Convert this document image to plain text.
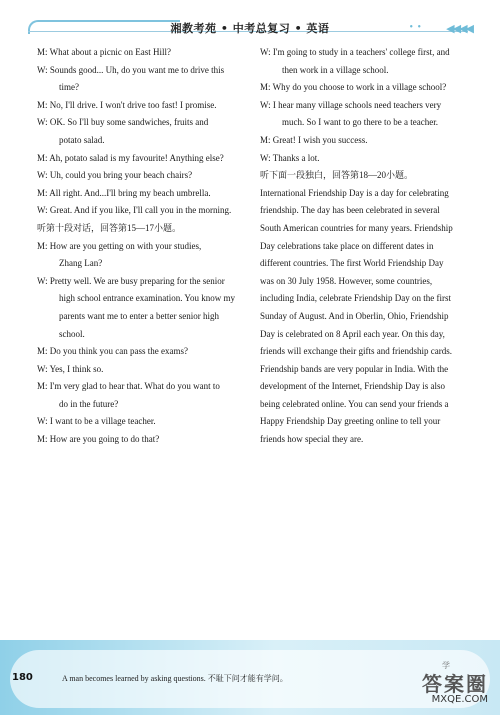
湘教考苑 • 中考总复习 • 英语	• • ◀◀◀◀
M: What about a picnic on East Hill?
W: Sounds good... Uh, do you want me to drive this
time?
M: No, I'll drive. I won't drive too fast! I promise.
W: OK. So I'll buy some sandwiches, fruits and
potato salad.
M: Ah, potato salad is my favourite! Anything else?
W: Uh, could you bring your beach chairs?
M: All right. And...I'll bring my beach umbrella.
W: Great. And if you like, I'll call you in the morning.
听第十段对话，回答第15—17小题。
M: How are you getting on with your studies,
Zhang Lan?
W: Pretty well. We are busy preparing for the senior
high school entrance examination. You know my
parents want me to enter a better senior high
school.
M: Do you think you can pass the exams?
W: Yes, I think so.
M: I'm very glad to hear that. What do you want to
do in the future?
W: I want to be a village teacher.
M: How are you going to do that?
W: I'm going to study in a teachers' college first, and
then work in a village school.
M: Why do you choose to work in a village school?
W: I hear many village schools need teachers very
much. So I want to go there to be a teacher.
M: Great! I wish you success.
W: Thanks a lot.
听下面一段独白，回答第18—20小题。
International Friendship Day is a day for celebrating
friendship. The day has been celebrated in several
South American countries for many years. Friendship
Day celebrations take place on different dates in
different countries. The first World Friendship Day
was on 30 July 1958. However, some countries,
including India, celebrate Friendship Day on the first
Sunday of August. And in Oberlin, Ohio, Friendship
Day is celebrated on 8 April each year. On this day,
friends will exchange their gifts and friendship cards.
Friendship bands are very popular in India. With the
development of the Internet, Friendship Day is also
being celebrated online. You can send your friends a
Happy Friendship Day greeting online to tell your
friends how special they are.
180	A man becomes learned by asking questions. 不耻下问才能有学问。
学
答案圈
MXQE.COM
